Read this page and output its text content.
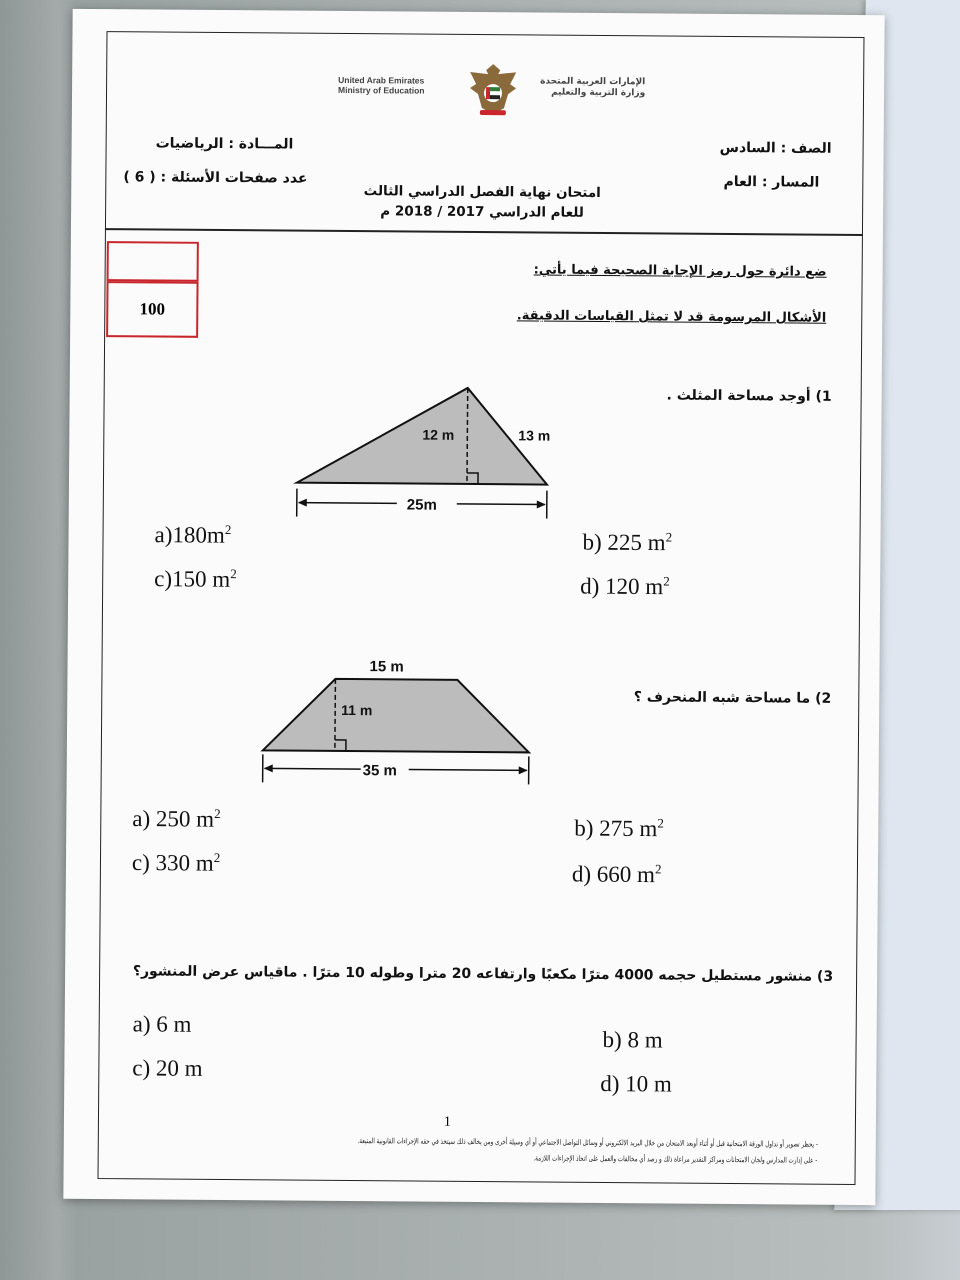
United Arab Emirates
Ministry of Education
الإمارات العربية المتحدة
وزارة التربية والتعليم
الصف : السادس
المسار : العام
المـــادة : الرياضيات
عدد صفحات الأسئلة : ( 6 )
امتحان نهاية الفصل الدراسي الثالث
للعام الدراسي 2017 / 2018 م
100
ضع دائرة حول رمز الإجابة الصحيحة فيما يأتي:
الأشكال المرسومة قد لا تمثل القياسات الدقيقة.
1) أوجد مساحة المثلث .
12 m	13 m
25m
$a)180m^2$	b) 225 $m^2$
c)150 $m^2$	d) 120 $m^2$
15 m
11 m
35 m
2) ما مساحة شبه المنحرف ؟
a) 250 $m^2$
b) 275 $m^2$
c) 330 $m^2$
d) 660 $m^2$
3) منشور مستطيل حجمه 4000 مترًا مكعبًا وارتفاعه 20 مترا وطوله 10 مترًا . ماقياس عرض المنشور؟
a) 6 m
b) 8 m
c) 20 m
d) 10 m
1
- يحظر تصوير أو تداول الورقة الامتحانية قبل أو أثناء أوبعد الامتحان من خلال البريد الالكتروني أو وسائل التواصل الاجتماعي أو أي وسيلة أخرى ومن يخالف ذلك سيتخذ في حقه الإجراءات القانونية المتبعة.
- على إدارت المدارس ولجان الامتحانات ومراكز التقدير مراعاة ذلك و رصد أي مخالفات والعمل على اتخاذ الإجراءات اللازمة.
